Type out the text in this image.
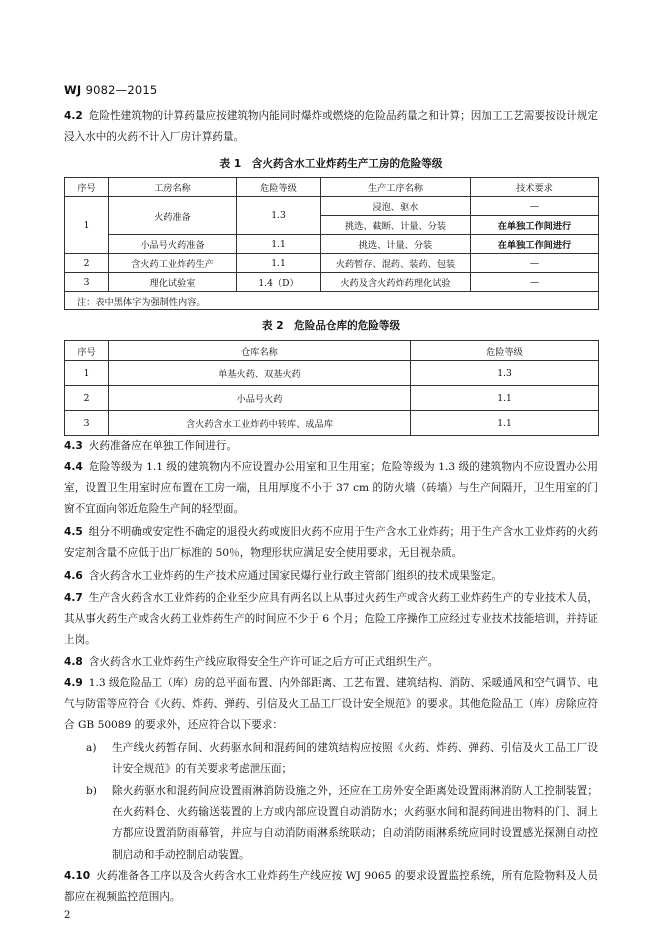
WJ 9082—2015
4.2 危险性建筑物的计算药量应按建筑物内能同时爆炸或燃烧的危险品药量之和计算；因加工工艺需要按设计规定浸入水中的火药不计入厂房计算药量。
表 1　含火药含水工业炸药生产工房的危险等级
序号	工房名称	危险等级	生产工序名称	技术要求
1	火药准备	1.3	浸泡、驱水	—
			挑选、截断、计量、分装	在单独工作间进行
	小品号火药准备	1.1	挑选、计量、分装	在单独工作间进行
2	含火药工业炸药生产	1.1	火药暂存、混药、装药、包装	—
3	理化试验室	1.4（D）	火药及含火药炸药理化试验	—
注：表中黑体字为强制性内容。				
表 2　危险品仓库的危险等级
序号	仓库名称	危险等级
1	单基火药、双基火药	1.3
2	小品号火药	1.1
3	含火药含水工业炸药中转库、成品库	1.1
4.3 火药准备应在单独工作间进行。
4.4 危险等级为 1.1 级的建筑物内不应设置办公用室和卫生用室；危险等级为 1.3 级的建筑物内不应设置办公用室，设置卫生用室时应布置在工房一端，且用厚度不小于 37 cm 的防火墙（砖墙）与生产间隔开，卫生用室的门窗不宜面向邻近危险生产间的轻型面。
4.5 组分不明确或安定性不确定的退役火药或废旧火药不应用于生产含水工业炸药；用于生产含水工业炸药的火药安定剂含量不应低于出厂标准的 50％，物理形状应满足安全使用要求，无目视杂质。
4.6 含火药含水工业炸药的生产技术应通过国家民爆行业行政主管部门组织的技术成果鉴定。
4.7 生产含火药含水工业炸药的企业至少应具有两名以上从事过火药生产或含火药工业炸药生产的专业技术人员，其从事火药生产或含火药工业炸药生产的时间应不少于 6 个月；危险工序操作工应经过专业技术技能培训，并持证上岗。
4.8 含火药含水工业炸药生产线应取得安全生产许可证之后方可正式组织生产。
4.9 1.3 级危险品工（库）房的总平面布置、内外部距离、工艺布置、建筑结构、消防、采暖通风和空气调节、电气与防雷等应符合《火药、炸药、弹药、引信及火工品工厂设计安全规范》的要求。其他危险品工（库）房除应符合 GB 50089 的要求外，还应符合以下要求：
a) 生产线火药暂存间、火药驱水间和混药间的建筑结构应按照《火药、炸药、弹药、引信及火工品工厂设计安全规范》的有关要求考虑泄压面；
b) 除火药驱水和混药间应设置雨淋消防设施之外，还应在工房外安全距离处设置雨淋消防人工控制装置；在火药料仓、火药输送装置的上方或内部应设置自动消防水；火药驱水间和混药间进出物料的门、洞上方都应设置消防雨幕管，并应与自动消防雨淋系统联动；自动消防雨淋系统应同时设置感光探测自动控制启动和手动控制启动装置。
4.10 火药准备各工序以及含火药含水工业炸药生产线应按 WJ 9065 的要求设置监控系统，所有危险物料及人员都应在视频监控范围内。
2
